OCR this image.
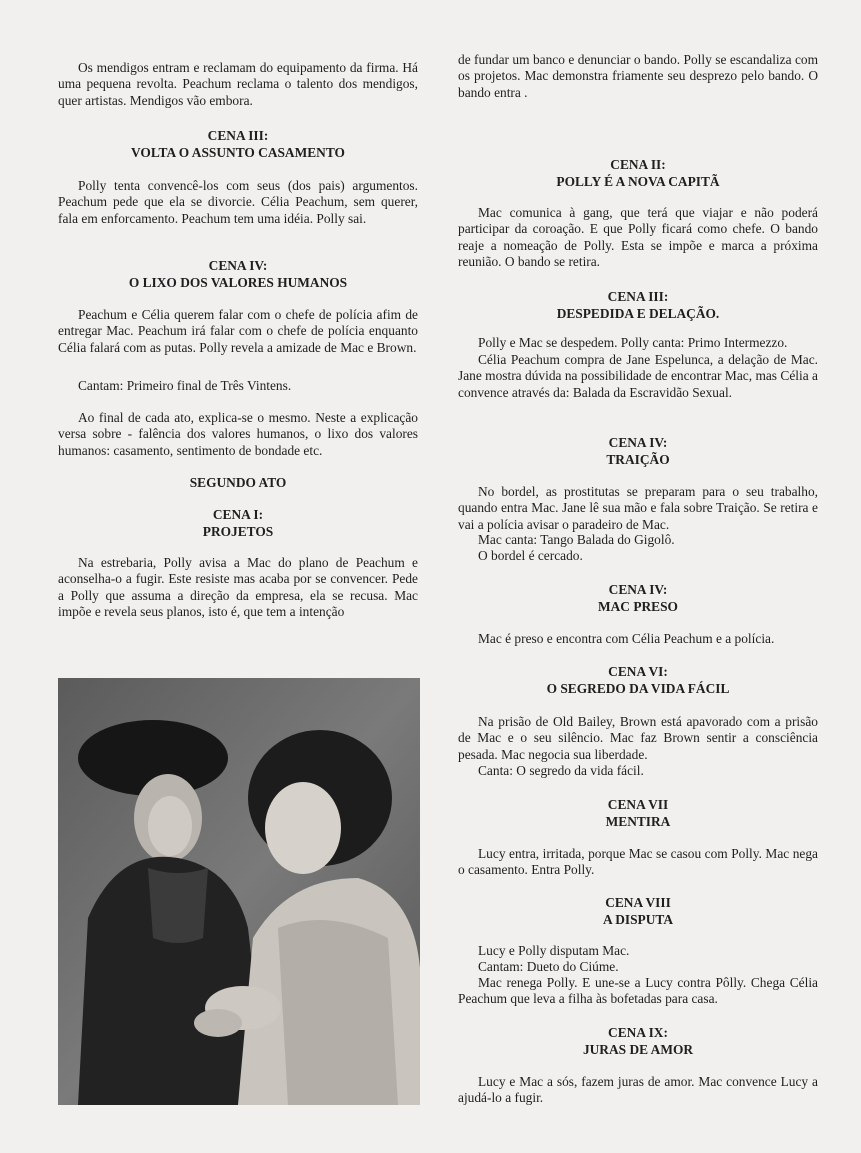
Os mendigos entram e reclamam do equipamento da firma. Há uma pequena revolta. Peachum reclama o talento dos mendigos, quer artistas. Mendigos vão embora.

CENA III:
VOLTA O ASSUNTO CASAMENTO

Polly tenta convencê-los com seus (dos pais) argumentos. Peachum pede que ela se divorcie. Célia Peachum, sem querer, fala em enforcamento. Peachum tem uma idéia. Polly sai.

CENA IV:
O LIXO DOS VALORES HUMANOS

Peachum e Célia querem falar com o chefe de polícia afim de entregar Mac. Peachum irá falar com o chefe de polícia enquanto Célia falará com as putas. Polly revela a amizade de Mac e Brown.

Cantam: Primeiro final de Três Vintens.

Ao final de cada ato, explica-se o mesmo. Neste a explicação versa sobre - falência dos valores humanos, o lixo dos valores humanos: casamento, sentimento de bondade etc.

SEGUNDO ATO
CENA I:
PROJETOS

Na estrebaria, Polly avisa a Mac do plano de Peachum e aconselha-o a fugir. Este resiste mas acaba por se convencer. Pede a Polly que assuma a direção da empresa, ela se recusa. Mac impõe e revela seus planos, isto é, que tem a intenção

de fundar um banco e denunciar o bando. Polly se escandaliza com os projetos. Mac demonstra friamente seu desprezo pelo bando. O bando entra .

CENA II:
POLLY É A NOVA CAPITÃ

Mac comunica à gang, que terá que viajar e não poderá participar da coroação. E que Polly ficará como chefe. O bando reaje a nomeação de Polly. Esta se impõe e marca a próxima reunião. O bando se retira.

CENA III:
DESPEDIDA E DELAÇÃO.

Polly e Mac se despedem. Polly canta: Primo Intermezzo.

Célia Peachum compra de Jane Espelunca, a delação de Mac. Jane mostra dúvida na possibilidade de encontrar Mac, mas Célia a convence através da: Balada da Escravidão Sexual.

CENA IV:
TRAIÇÃO

No bordel, as prostitutas se preparam para o seu trabalho, quando entra Mac. Jane lê sua mão e fala sobre Traição. Se retira e vai a polícia avisar o paradeiro de Mac.

Mac canta: Tango Balada do Gigolô.

O bordel é cercado.

CENA IV:
MAC PRESO

Mac é preso e encontra com Célia Peachum e a polícia.

CENA VI:
O SEGREDO DA VIDA FÁCIL

Na prisão de Old Bailey, Brown está apavorado com a prisão de Mac e o seu silêncio. Mac faz Brown sentir a consciência pesada. Mac negocia sua liberdade.

Canta: O segredo da vida fácil.

CENA VII
MENTIRA

Lucy entra, irritada, porque Mac se casou com Polly. Mac nega o casamento. Entra Polly.

CENA VIII
A DISPUTA

Lucy e Polly disputam Mac.

Cantam: Dueto do Ciúme.

Mac renega Polly. E une-se a Lucy contra Pôlly. Chega Célia Peachum que leva a filha às bofetadas para casa.

CENA IX:
JURAS DE AMOR

Lucy e Mac a sós, fazem juras de amor. Mac convence Lucy a ajudá-lo a fugir.
